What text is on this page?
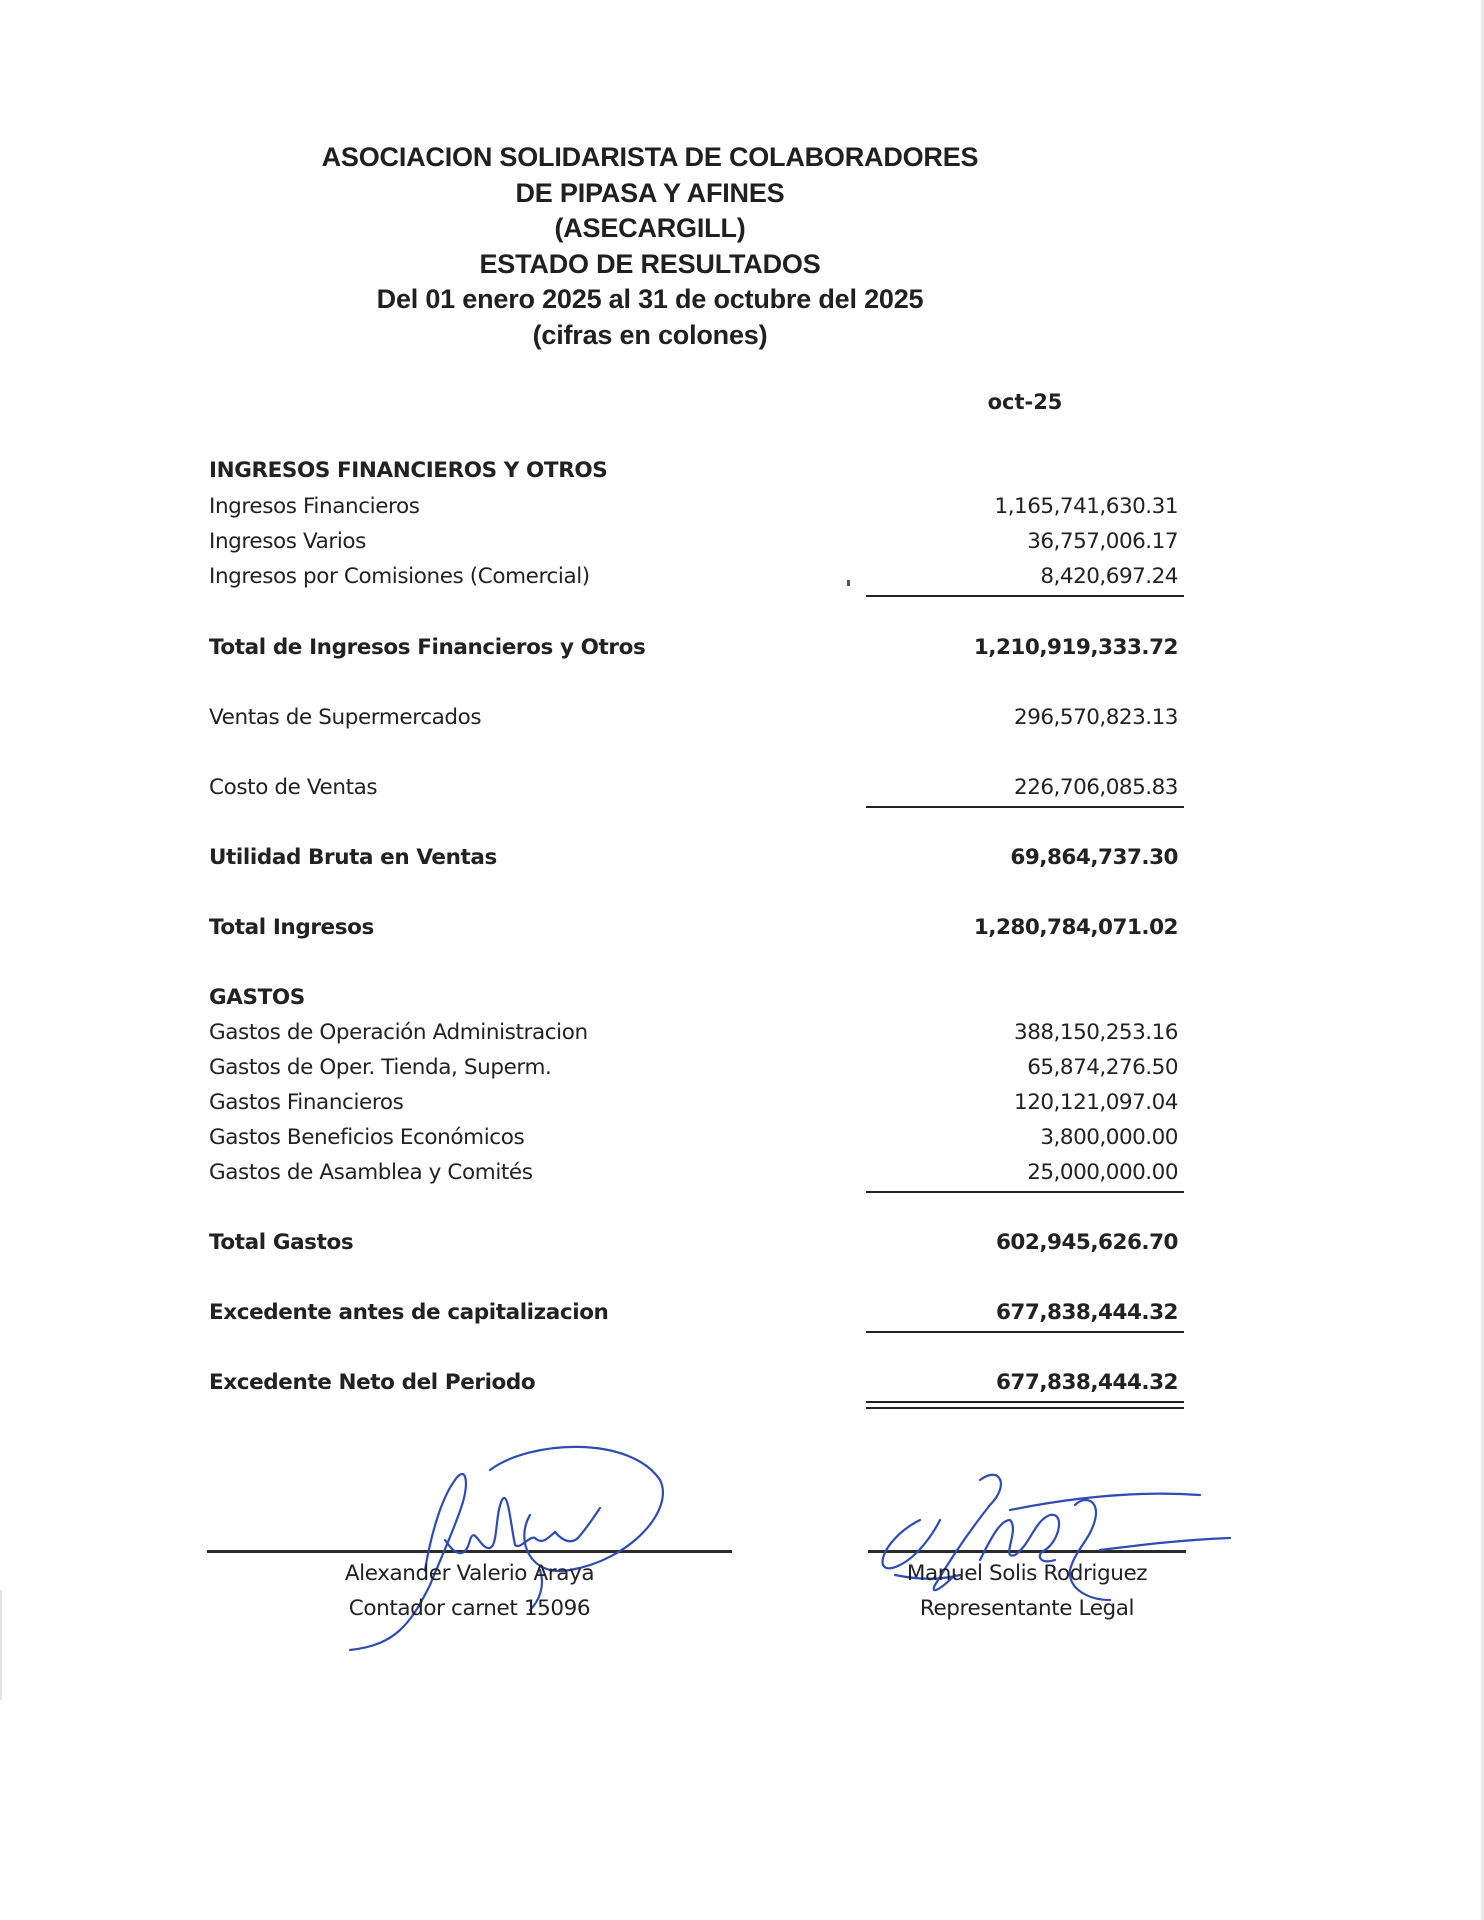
ASOCIACION SOLIDARISTA DE COLABORADORES
DE PIPASA Y AFINES
(ASECARGILL)
ESTADO DE RESULTADOS
Del 01 enero 2025 al 31 de octubre del 2025
(cifras en colones)
oct-25
INGRESOS FINANCIEROS Y OTROS
Ingresos Financieros	1,165,741,630.31
Ingresos Varios	36,757,006.17
Ingresos por Comisiones (Comercial)	8,420,697.24
Total de Ingresos Financieros y Otros	1,210,919,333.72
Ventas de Supermercados	296,570,823.13
Costo de Ventas	226,706,085.83
Utilidad Bruta en Ventas	69,864,737.30
Total Ingresos	1,280,784,071.02
GASTOS
Gastos de Operación Administracion	388,150,253.16
Gastos de Oper. Tienda, Superm.	65,874,276.50
Gastos Financieros	120,121,097.04
Gastos Beneficios Económicos	3,800,000.00
Gastos de Asamblea y Comités	25,000,000.00
Total Gastos	602,945,626.70
Excedente antes de capitalizacion	677,838,444.32
Excedente Neto del Periodo	677,838,444.32
Alexander Valerio Araya
Contador carnet 15096
Manuel Solis Rodriguez
Representante Legal
